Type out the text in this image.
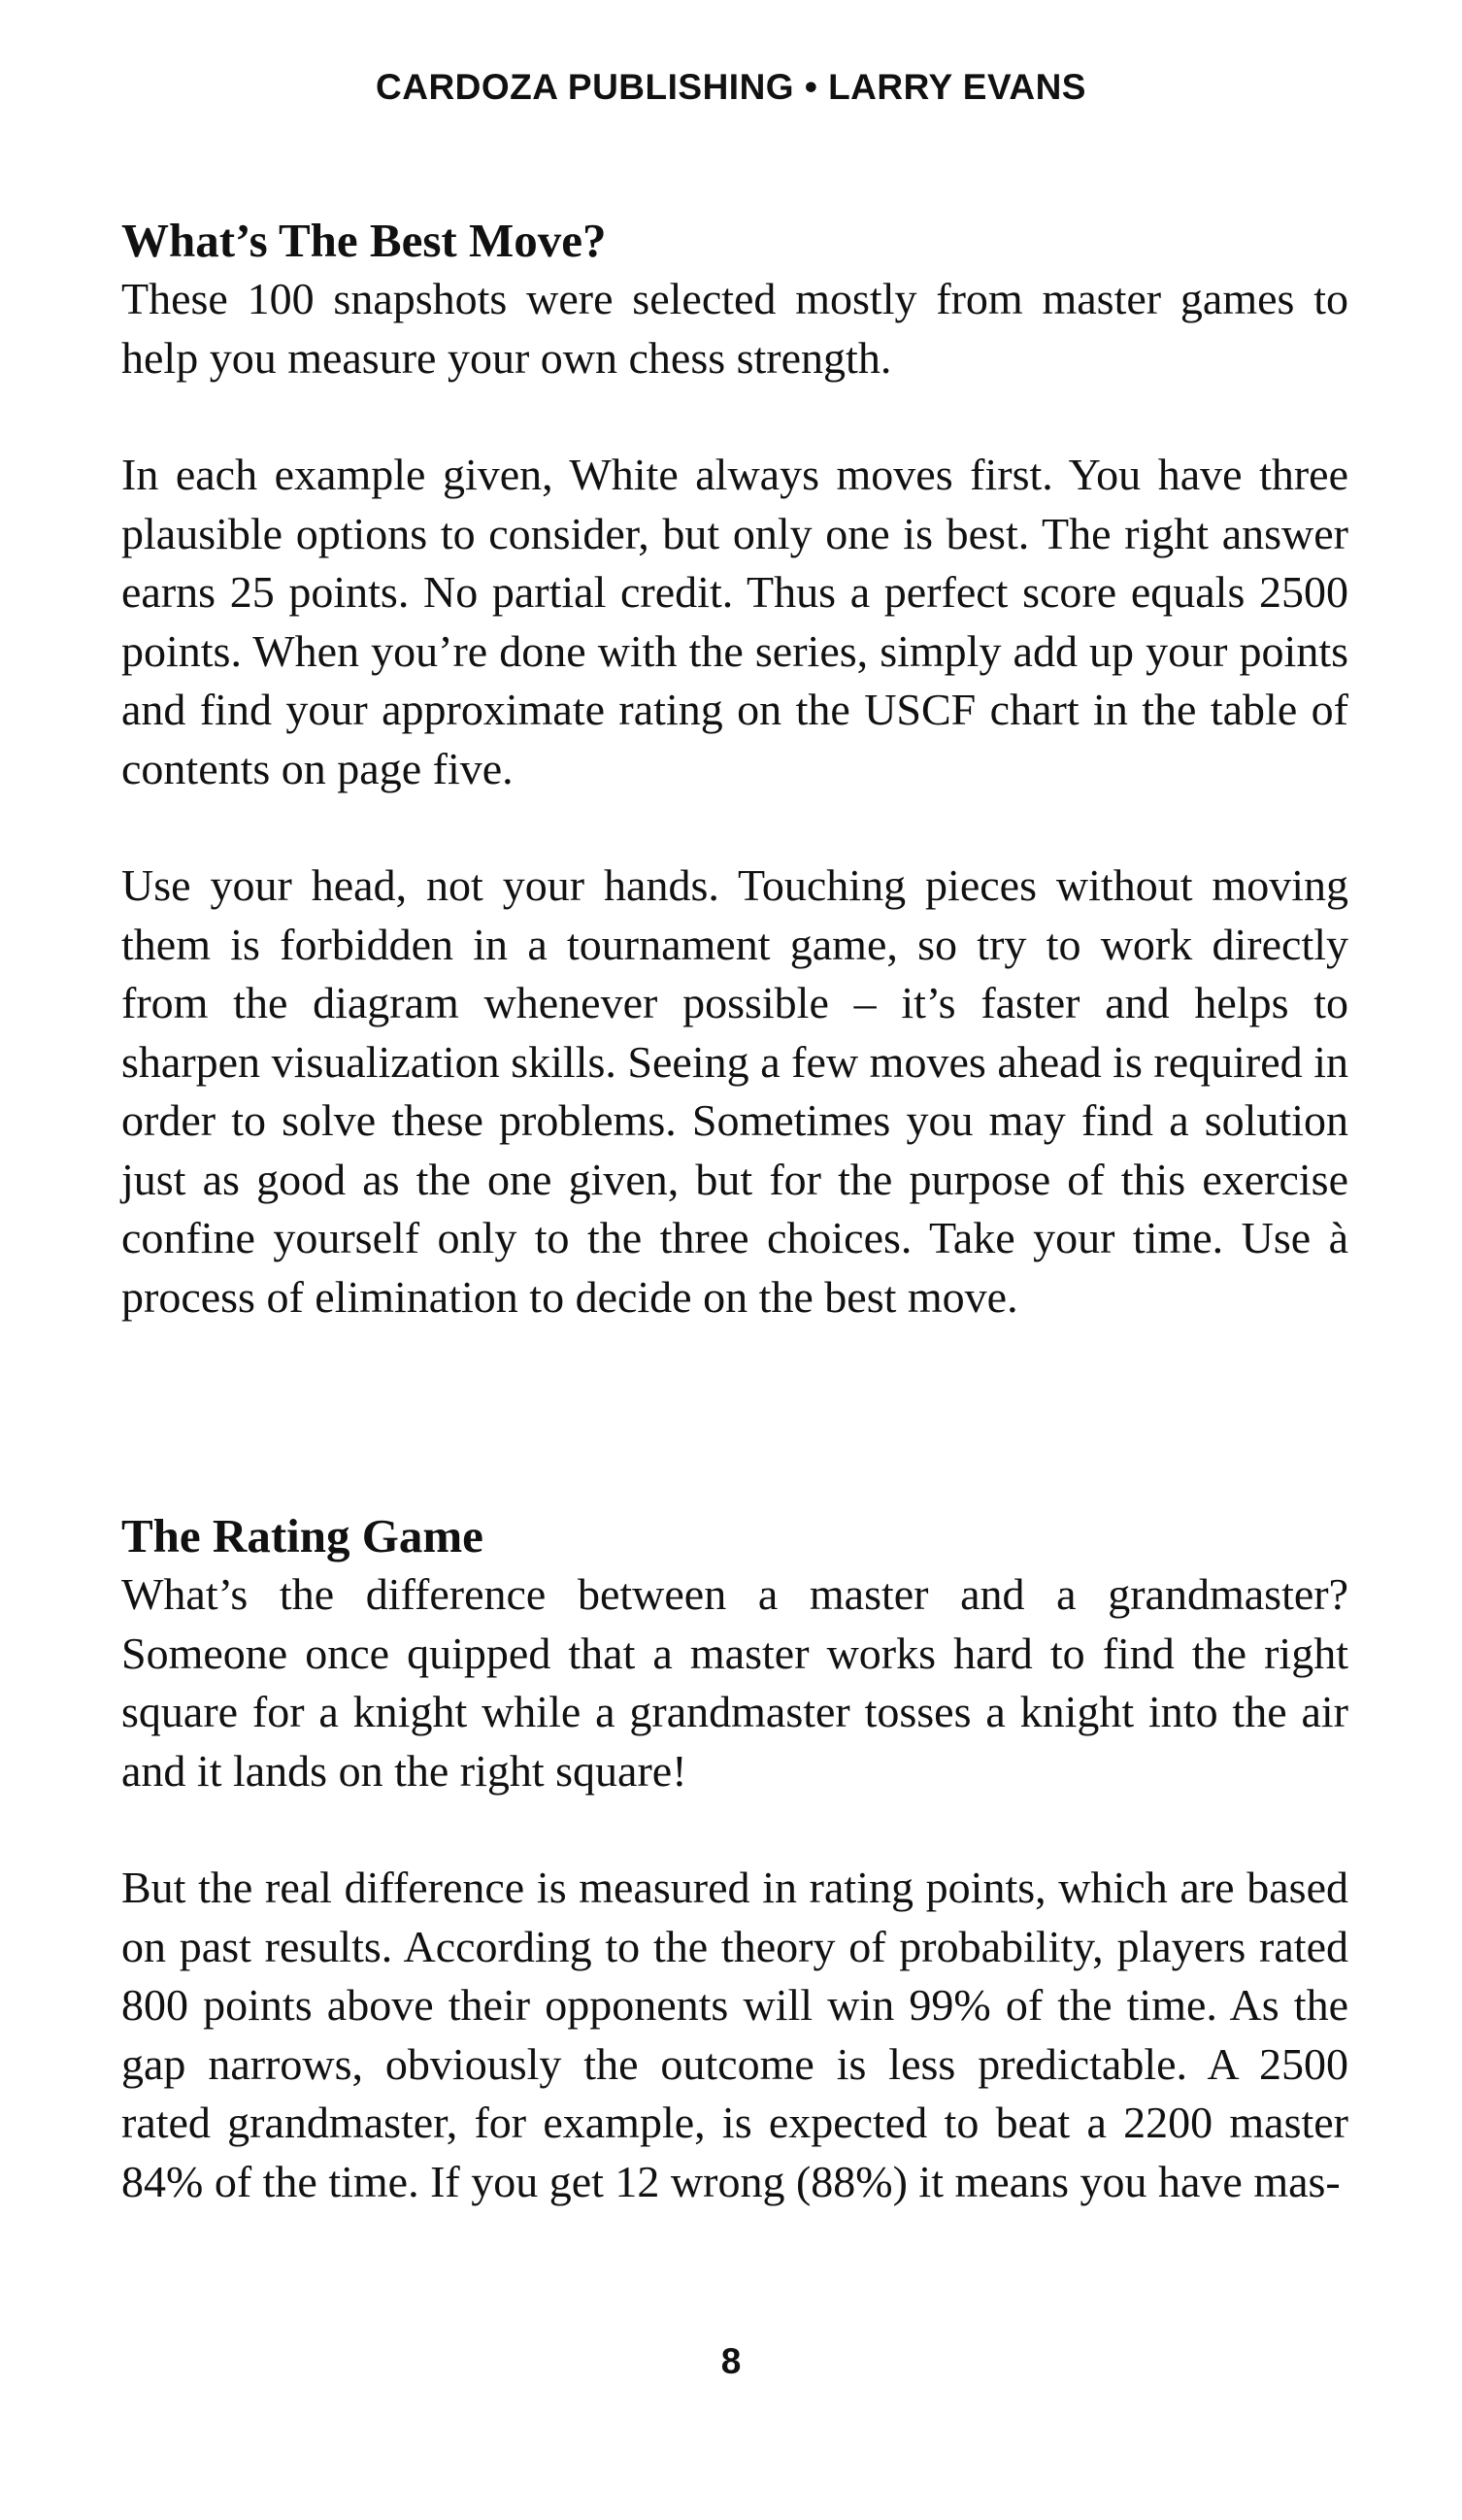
CARDOZA PUBLISHING • LARRY EVANS
What’s The Best Move?

These 100 snapshots were selected mostly from master games to help you measure your own chess strength.

In each example given, White always moves first. You have three plausible options to consider, but only one is best. The right answer earns 25 points. No partial credit. Thus a perfect score equals 2500 points. When you’re done with the series, simply add up your points and find your approximate rating on the USCF chart in the table of contents on page five.

Use your head, not your hands. Touching pieces without moving them is forbidden in a tournament game, so try to work directly from the diagram whenever possible – it’s faster and helps to sharpen visualization skills. Seeing a few moves ahead is required in order to solve these problems. Sometimes you may find a solution just as good as the one given, but for the purpose of this exercise confine yourself only to the three choices. Take your time. Use à process of elimination to decide on the best move.

The Rating Game

What’s the difference between a master and a grandmaster? Someone once quipped that a master works hard to find the right square for a knight while a grandmaster tosses a knight into the air and it lands on the right square!

But the real difference is measured in rating points, which are based on past results. According to the theory of probability, players rated 800 points above their opponents will win 99% of the time. As the gap narrows, obviously the outcome is less predictable. A 2500 rated grandmaster, for example, is expected to beat a 2200 master 84% of the time. If you get 12 wrong (88%) it means you have mas-

8
